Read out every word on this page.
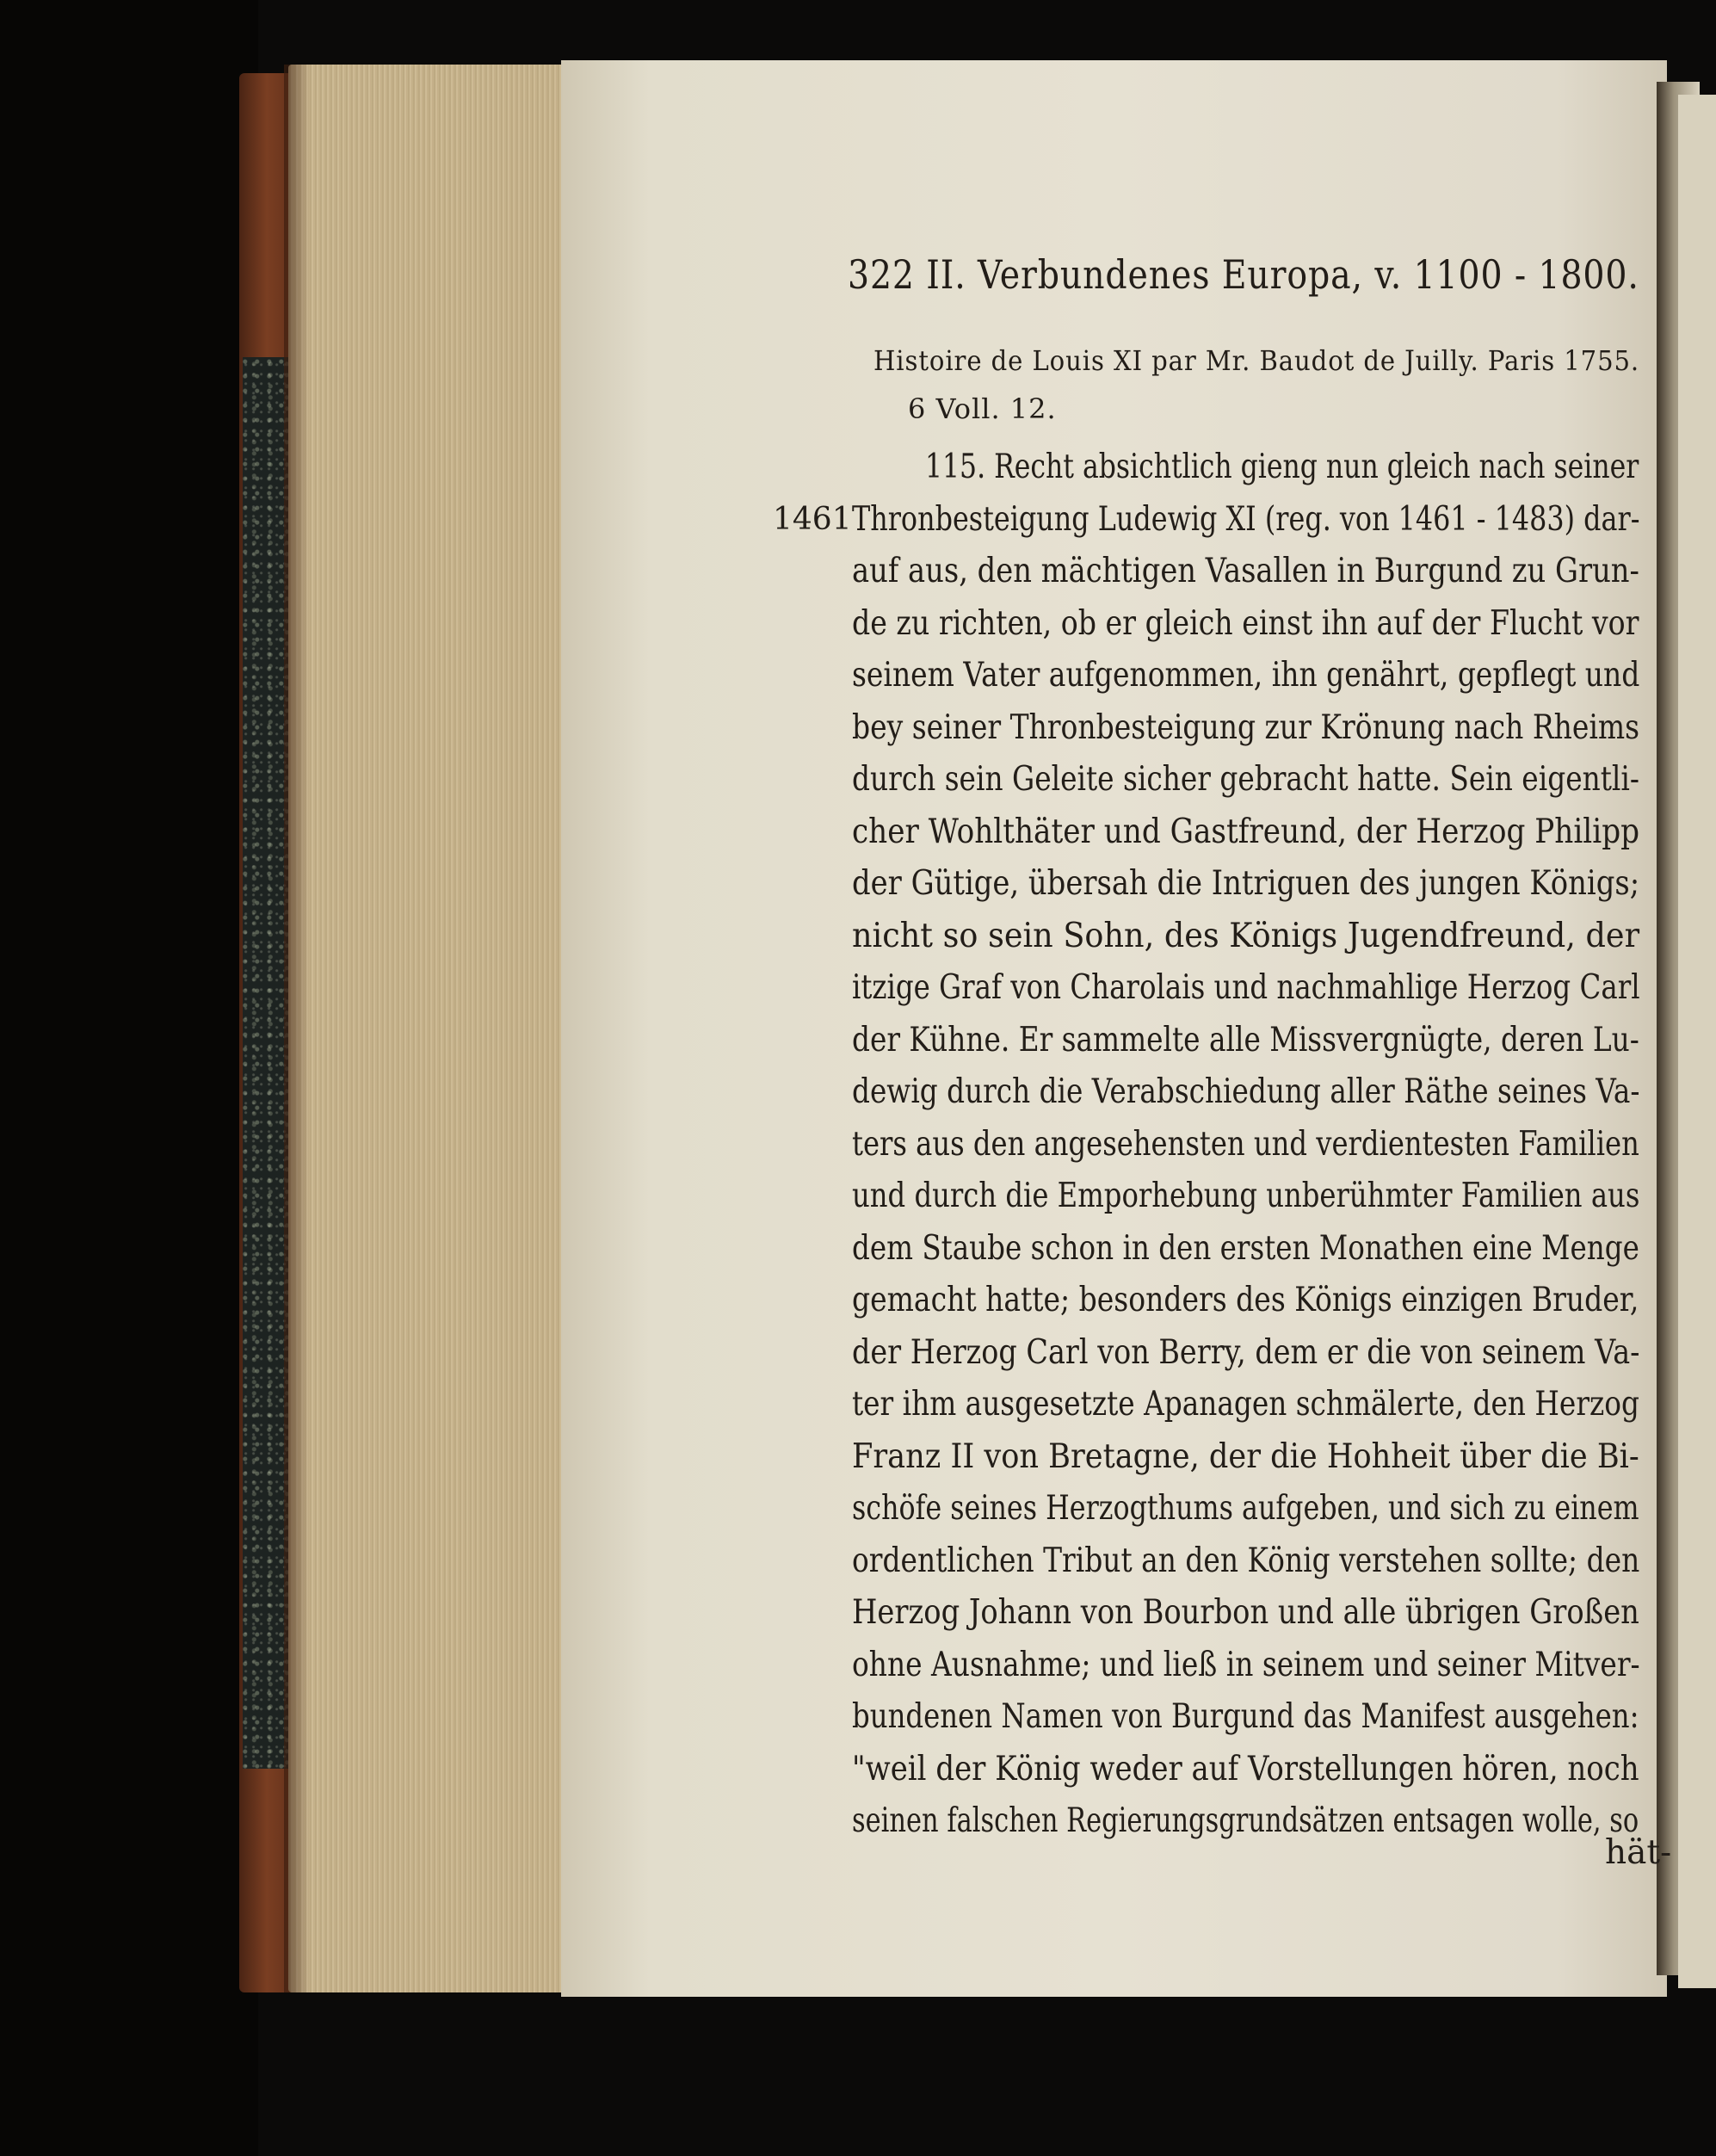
322 II. Verbundenes Europa, v. 1100 - 1800.
Histoire de Louis XI par Mr. Baudot de Juilly. Paris 1755.
6 Voll. 12.
1461
115. Recht absichtlich gieng nun gleich nach seiner
Thronbesteigung Ludewig XI (reg. von 1461 - 1483) dar-
auf aus, den mächtigen Vasallen in Burgund zu Grun-
de zu richten, ob er gleich einst ihn auf der Flucht vor
seinem Vater aufgenommen, ihn genährt, gepflegt und
bey seiner Thronbesteigung zur Krönung nach Rheims
durch sein Geleite sicher gebracht hatte. Sein eigentli-
cher Wohlthäter und Gastfreund, der Herzog Philipp
der Gütige, übersah die Intriguen des jungen Königs;
nicht so sein Sohn, des Königs Jugendfreund, der
itzige Graf von Charolais und nachmahlige Herzog Carl
der Kühne. Er sammelte alle Missvergnügte, deren Lu-
dewig durch die Verabschiedung aller Räthe seines Va-
ters aus den angesehensten und verdientesten Familien
und durch die Emporhebung unberühmter Familien aus
dem Staube schon in den ersten Monathen eine Menge
gemacht hatte; besonders des Königs einzigen Bruder,
der Herzog Carl von Berry, dem er die von seinem Va-
ter ihm ausgesetzte Apanagen schmälerte, den Herzog
Franz II von Bretagne, der die Hohheit über die Bi-
schöfe seines Herzogthums aufgeben, und sich zu einem
ordentlichen Tribut an den König verstehen sollte; den
Herzog Johann von Bourbon und alle übrigen Großen
ohne Ausnahme; und ließ in seinem und seiner Mitver-
bundenen Namen von Burgund das Manifest ausgehen:
"weil der König weder auf Vorstellungen hören, noch
seinen falschen Regierungsgrundsätzen entsagen wolle, so
hät-
